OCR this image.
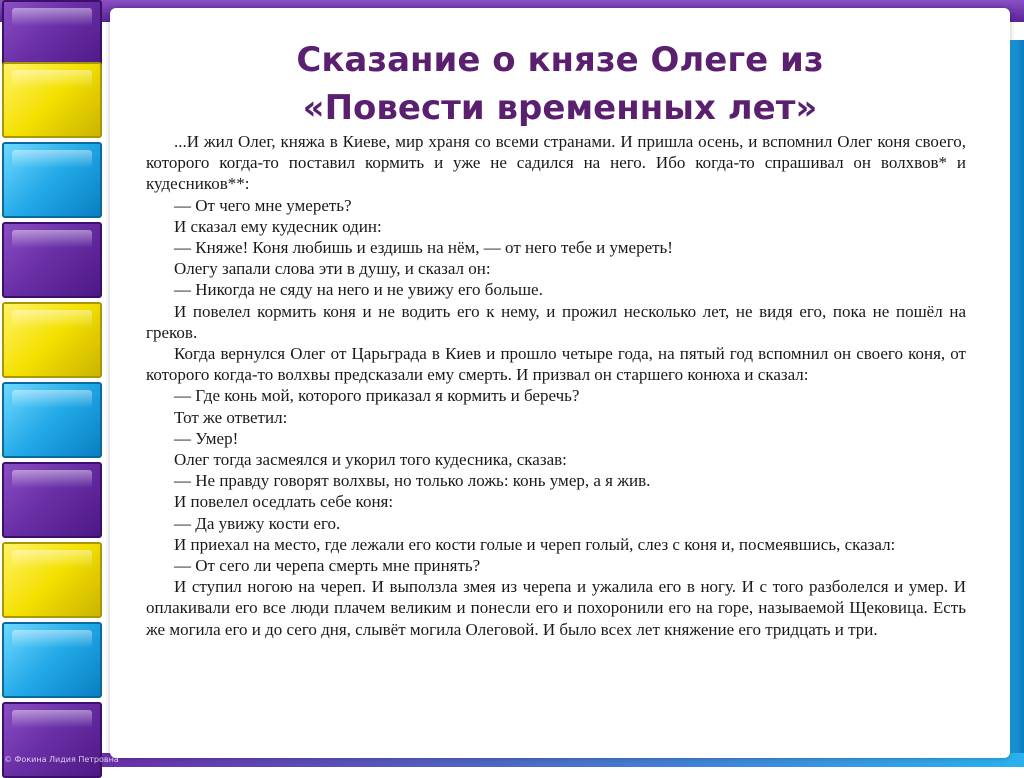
Сказание о князе Олеге из
«Повести временных лет»

...И жил Олег, княжа в Киеве, мир храня со всеми странами. И пришла осень, и вспомнил Олег коня своего, которого когда-то поставил кормить и уже не садился на него. Ибо когда-то спрашивал он волхвов* и кудесников**:

— От чего мне умереть?

И сказал ему кудесник один:

— Княже! Коня любишь и ездишь на нём, — от него тебе и умереть!

Олегу запали слова эти в душу, и сказал он:

— Никогда не сяду на него и не увижу его больше.

И повелел кормить коня и не водить его к нему, и прожил несколько лет, не видя его, пока не пошёл на греков.

Когда вернулся Олег от Царьграда в Киев и прошло четыре года, на пятый год вспомнил он своего коня, от которого когда-то волхвы предсказали ему смерть. И призвал он старшего конюха и сказал:

— Где конь мой, которого приказал я кормить и беречь?

Тот же ответил:

— Умер!

Олег тогда засмеялся и укорил того кудесника, сказав:

— Не правду говорят волхвы, но только ложь: конь умер, а я жив.

И повелел оседлать себе коня:

— Да увижу кости его.

И приехал на место, где лежали его кости голые и череп голый, слез с коня и, посмеявшись, сказал:

— От сего ли черепа смерть мне принять?

И ступил ногою на череп. И выползла змея из черепа и ужалила его в ногу. И с того разболелся и умер. И оплакивали его все люди плачем великим и понесли его и похоронили его на горе, называемой Щековица. Есть же могила его и до сего дня, слывёт могила Олеговой. И было всех лет княжение его тридцать и три.

© Фокина Лидия Петровна
